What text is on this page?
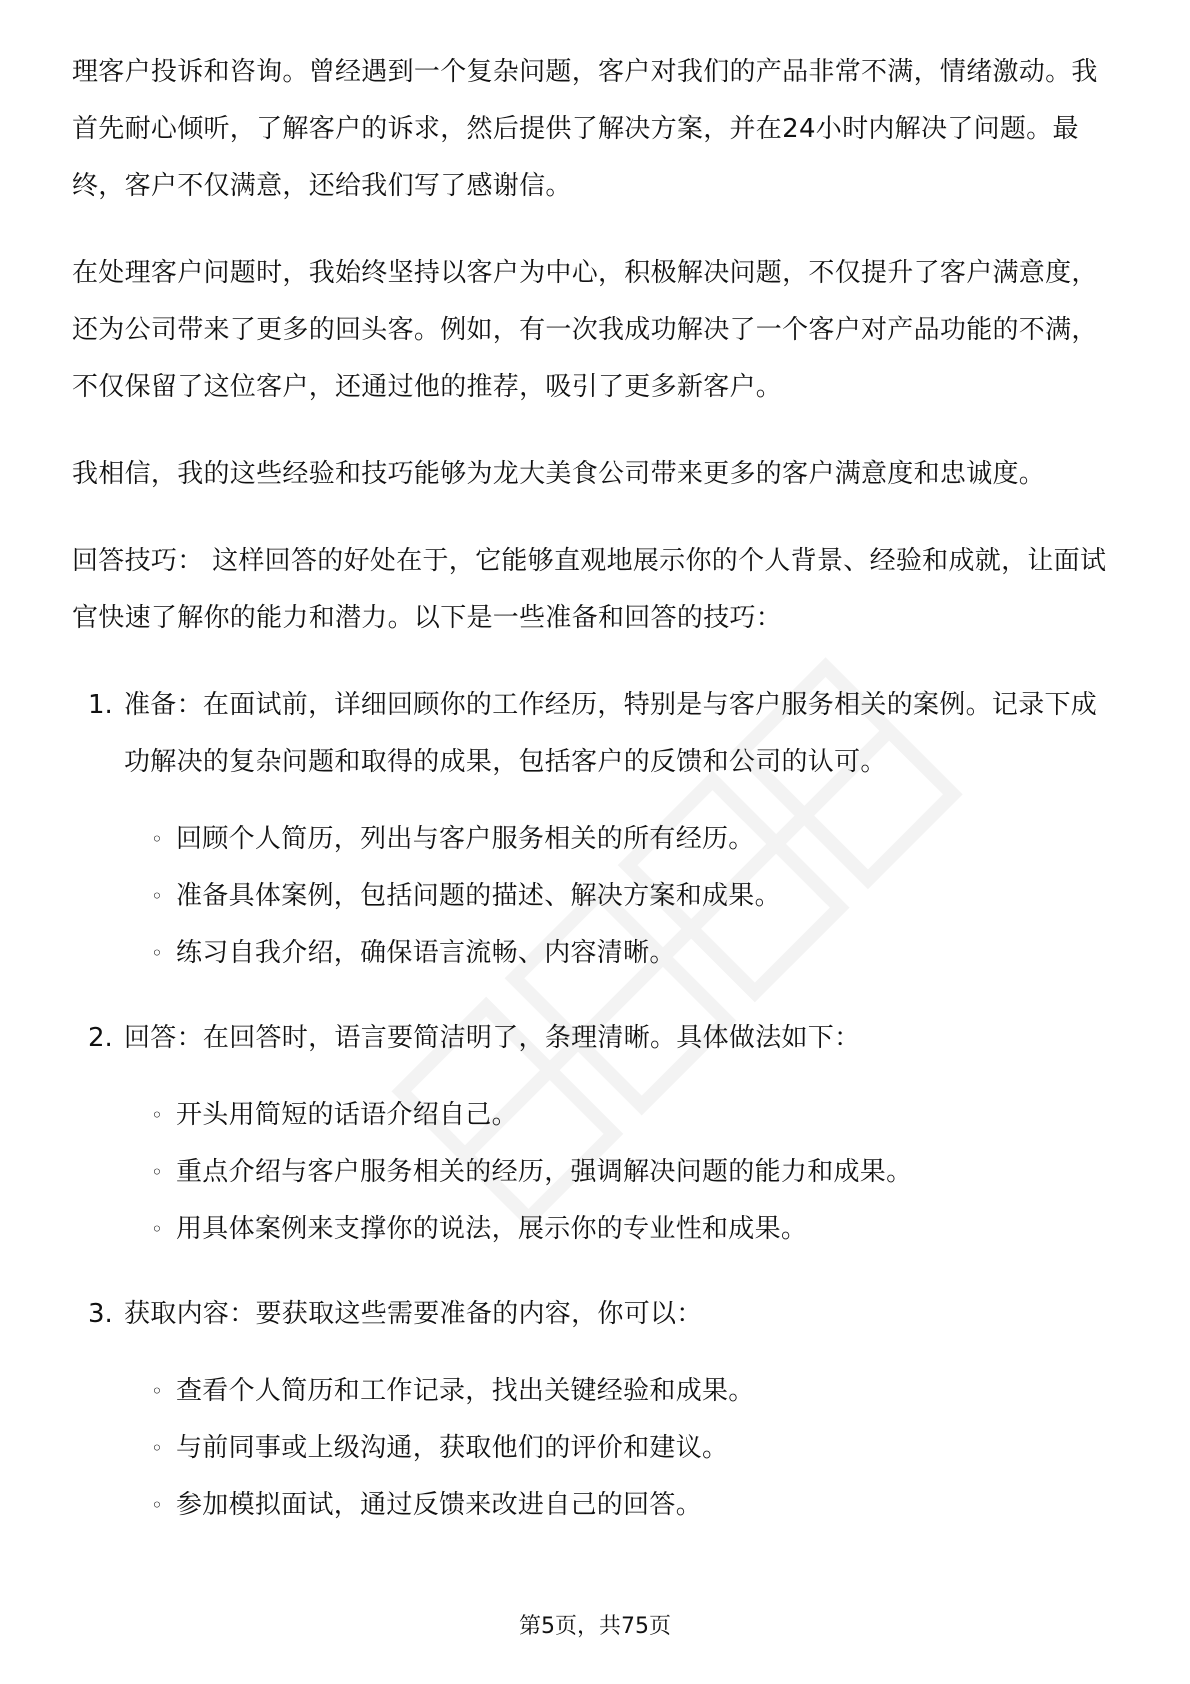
理客户投诉和咨询。曾经遇到一个复杂问题，客户对我们的产品非常不满，情绪激动。我首先耐心倾听，了解客户的诉求，然后提供了解决方案，并在24小时内解决了问题。最终，客户不仅满意，还给我们写了感谢信。

在处理客户问题时，我始终坚持以客户为中心，积极解决问题，不仅提升了客户满意度，还为公司带来了更多的回头客。例如，有一次我成功解决了一个客户对产品功能的不满，不仅保留了这位客户，还通过他的推荐，吸引了更多新客户。

我相信，我的这些经验和技巧能够为龙大美食公司带来更多的客户满意度和忠诚度。

回答技巧： 这样回答的好处在于，它能够直观地展示你的个人背景、经验和成就，让面试官快速了解你的能力和潜力。以下是一些准备和回答的技巧：

1. 准备：在面试前，详细回顾你的工作经历，特别是与客户服务相关的案例。记录下成功解决的复杂问题和取得的成果，包括客户的反馈和公司的认可。
◦ 回顾个人简历，列出与客户服务相关的所有经历。
◦ 准备具体案例，包括问题的描述、解决方案和成果。
◦ 练习自我介绍，确保语言流畅、内容清晰。
2. 回答：在回答时，语言要简洁明了，条理清晰。具体做法如下：
◦ 开头用简短的话语介绍自己。
◦ 重点介绍与客户服务相关的经历，强调解决问题的能力和成果。
◦ 用具体案例来支撑你的说法，展示你的专业性和成果。
3. 获取内容：要获取这些需要准备的内容，你可以：
◦ 查看个人简历和工作记录，找出关键经验和成果。
◦ 与前同事或上级沟通，获取他们的评价和建议。
◦ 参加模拟面试，通过反馈来改进自己的回答。
第5页，共75页
